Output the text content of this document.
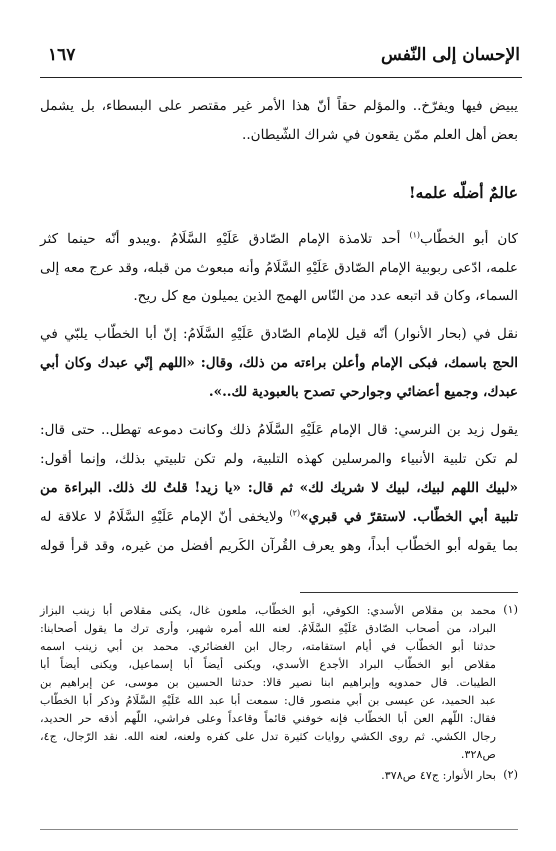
الإحسان إلى النّفس
١٦٧
يبيض فيها ويفرّخ.. والمؤلم حقاً أنّ هذا الأمر غير مقتصر على البسطاء، بل يشمل
بعض أهل العلم ممّن يقعون في شراك الشّيطان..
عالمٌ أضلّه علمه!
كان أبو الخطّاب$^{(١)}$ أحد تلامذة الإمام الصّادق عَلَيْهِ السَّلَامُ .ويبدو أنّه حينما كثر
علمه، ادّعى ربوبية الإمام الصّادق عَلَيْهِ السَّلَامُ وأنه مبعوث من قبله، وقد عرج معه إلى
السماء، وكان قد اتبعه عدد من النّاس الهمج الذين يميلون مع كل ريح.
نقل في (بحار الأنوار) أنّه قيل للإمام الصّادق عَلَيْهِ السَّلَامُ: إنّ أبا الخطّاب يلبّي في
الحج باسمك، فبكى الإمام وأعلن براءته من ذلك، وقال: «اللهم إنّي عبدك وكان أبي
عبدك، وجميع أعضائي وجوارحي تصدح بالعبودية لك..».
يقول زيد بن النرسي: قال الإمام عَلَيْهِ السَّلَامُ ذلك وكانت دموعه تهطل.. حتى قال:
لم تكن تلبية الأنبياء والمرسلين كهذه التلبية، ولم تكن تلبيتي بذلك، وإنما أقول:
«لبيك اللهم لبيك، لبيك لا شريك لك» ثم قال: «يا زيد! قلتُ لك ذلك. البراءة من
تلبية أبي الخطّاب. لاستقرّ في قبري»$^{(٢)}$ ولايخفى أنّ الإمام عَلَيْهِ السَّلَامُ لا علاقة له
بما يقوله أبو الخطّاب أبداً، وهو يعرف القُرآن الكَريم أفضل من غيره، وقد قرأ قوله
(١)
محمد بن مقلاص الأسدي: الكوفي، أبو الخطّاب، ملعون غال، يكنى مقلاص أبا زينب البزاز
البراد، من أصحاب الصّادق عَلَيْهِ السَّلَامُ. لعنه الله أمره شهير، وأرى ترك ما يقول أصحابنا:
حدثنا أبو الخطّاب في أيام استقامته، رجال ابن الغضائري. محمد بن أبي زينب اسمه
مقلاص أبو الخطّاب البراد الأجدع الأسدي، ويكنى أيضاً أبا إسماعيل، ويكنى أيضاً أبا
الطيبات. قال حمدويه وإبراهيم ابنا نصير قالا: حدثنا الحسين بن موسى، عن إبراهيم بن
عبد الحميد، عن عيسى بن أبي منصور قال: سمعت أبا عبد الله عَلَيْهِ السَّلَامُ وذكر أبا الخطّاب
فقال: اللّهم العن أبا الخطّاب فإنه خوفني قائماً وقاعداً وعلى فراشي، اللّهم أذقه حر الحديد،
رجال الكشي. ثم روى الكشي روايات كثيرة تدل على كفره ولعنه، لعنه الله. نقد الرّجال، ج٤،
ص٣٢٨.
(٢)
بحار الأنوار: ج٤٧ ص٣٧٨.
